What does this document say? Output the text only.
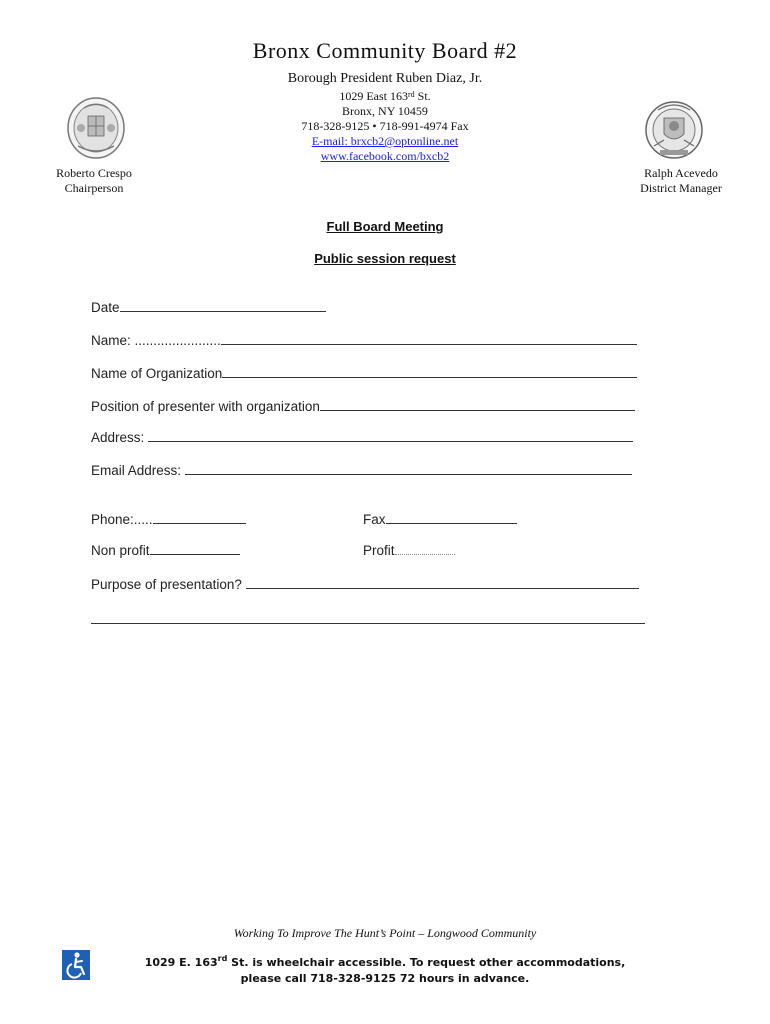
Bronx Community Board #2
Borough President Ruben Diaz, Jr.
1029 East 163rd St.
Bronx, NY 10459
718-328-9125 • 718-991-4974 Fax
E-mail: brxcb2@optonline.net
www.facebook.com/bxcb2
Roberto Crespo
Chairperson
Ralph Acevedo
District Manager
Full Board Meeting
Public session request
Date
Name: .......................
Name of Organization
Position of presenter with organization
Address:
Email Address:
Phone:.....	Fax
Non profit	Profit
Purpose of presentation?
Working To Improve The Hunt’s Point – Longwood Community
1029 E. 163rd St. is wheelchair accessible. To request other accommodations,
please call 718-328-9125 72 hours in advance.
